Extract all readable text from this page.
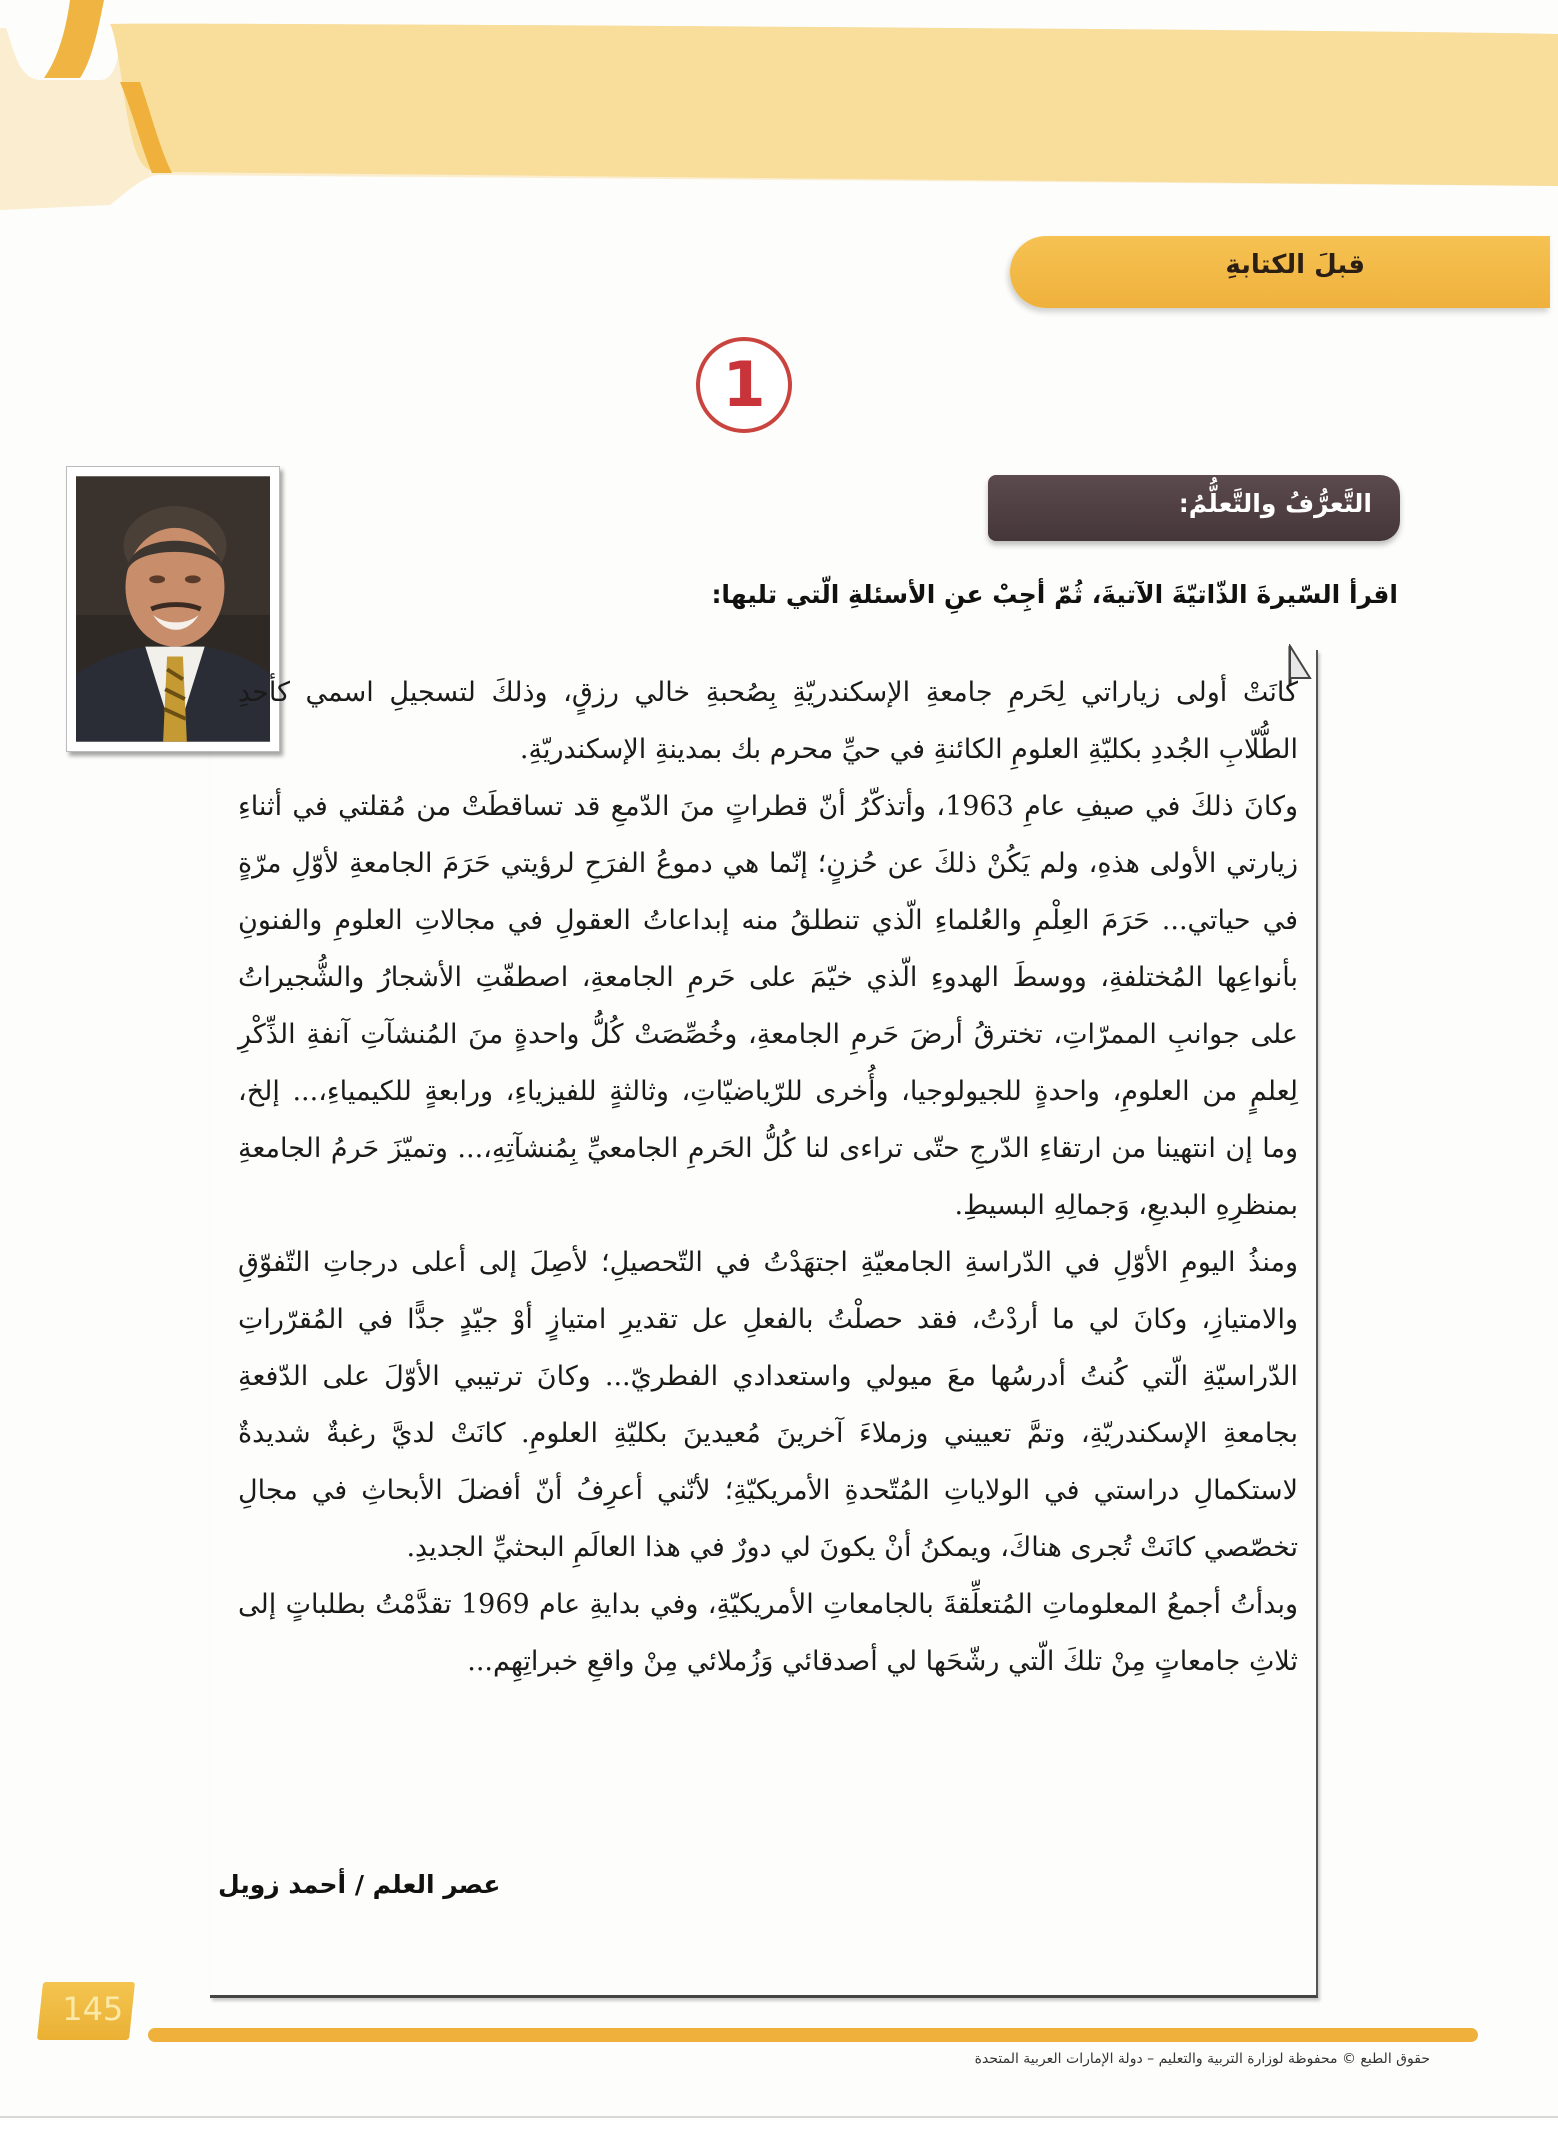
قبلَ الكتابةِ
1
التَّعرُّفُ والتَّعلُّمُ:
اقرأ السّيرةَ الذّاتيّةَ الآتيةَ، ثُمّ أجِبْ عنِ الأسئلةِ الّتي تليها:

كانَتْ أولى زياراتي لِحَرمِ جامعةِ الإسكندريّةِ بِصُحبةِ خالي رزقٍ، وذلكَ لتسجيلِ اسمي كأحدِ الطُّلّابِ الجُددِ بكليّةِ العلومِ الكائنةِ في حيِّ محرم بك بمدينةِ الإسكندريّةِ.

وكانَ ذلكَ في صيفِ عامِ 1963، وأتذكّرُ أنّ قطراتٍ منَ الدّمعِ قد تساقطَتْ من مُقلتي في أثناءِ زيارتي الأولى هذهِ، ولم يَكُنْ ذلكَ عن حُزنٍ؛ إنّما هي دموعُ الفرَحِ لرؤيتي حَرَمَ الجامعةِ لأوّلِ مرّةٍ في حياتي... حَرَمَ العِلْمِ والعُلماءِ الّذي تنطلقُ منه إبداعاتُ العقولِ في مجالاتِ العلومِ والفنونِ بأنواعِها المُختلفةِ، ووسطَ الهدوءِ الّذي خيّمَ على حَرمِ الجامعةِ، اصطفّتِ الأشجارُ والشُّجيراتُ على جوانبِ الممرّاتِ، تخترقُ أرضَ حَرمِ الجامعةِ، وخُصِّصَتْ كُلُّ واحدةٍ منَ المُنشآتِ آنفةِ الذِّكْرِ لِعلمٍ من العلومِ، واحدةٍ للجيولوجيا، وأُخرى للرّياضيّاتِ، وثالثةٍ للفيزياءِ، ورابعةٍ للكيمياءِ،... إلخ، وما إن انتهينا من ارتقاءِ الدّرجِ حتّى تراءى لنا كُلُّ الحَرمِ الجامعيِّ بِمُنشآتِهِ،... وتميّزَ حَرمُ الجامعةِ بمنظرِهِ البديعِ، وَجمالِهِ البسيطِ.

ومنذُ اليومِ الأوّلِ في الدّراسةِ الجامعيّةِ اجتهَدْتُ في التّحصيلِ؛ لأصِلَ إلى أعلى درجاتِ التّفوّقِ والامتيازِ، وكانَ لي ما أردْتُ، فقد حصلْتُ بالفعلِ عل تقديرِ امتيازٍ أوْ جيّدٍ جدًّا في المُقرّراتِ الدّراسيّةِ الّتي كُنتُ أدرسُها معَ ميولي واستعدادي الفطريّ... وكانَ ترتيبي الأوّلَ على الدّفعةِ بجامعةِ الإسكندريّةِ، وتمَّ تعييني وزملاءَ آخرينَ مُعيدينَ بكليّةِ العلومِ. كانَتْ لديَّ رغبةٌ شديدةٌ لاستكمالِ دراستي في الولاياتِ المُتّحدةِ الأمريكيّةِ؛ لأنّني أعرِفُ أنّ أفضلَ الأبحاثِ في مجالِ تخصّصي كانَتْ تُجرى هناكَ، ويمكنُ أنْ يكونَ لي دورٌ في هذا العالَمِ البحثيِّ الجديدِ.

وبدأتُ أجمعُ المعلوماتِ المُتعلِّقةَ بالجامعاتِ الأمريكيّةِ، وفي بدايةِ عام 1969 تقدَّمْتُ بطلباتٍ إلى ثلاثِ جامعاتٍ مِنْ تلكَ الّتي رشّحَها لي أصدقائي وَزُملائي مِنْ واقعِ خبراتِهِم...

عصر العلم / أحمد زويل
145
حقوق الطبع © محفوظة لوزارة التربية والتعليم – دولة الإمارات العربية المتحدة
